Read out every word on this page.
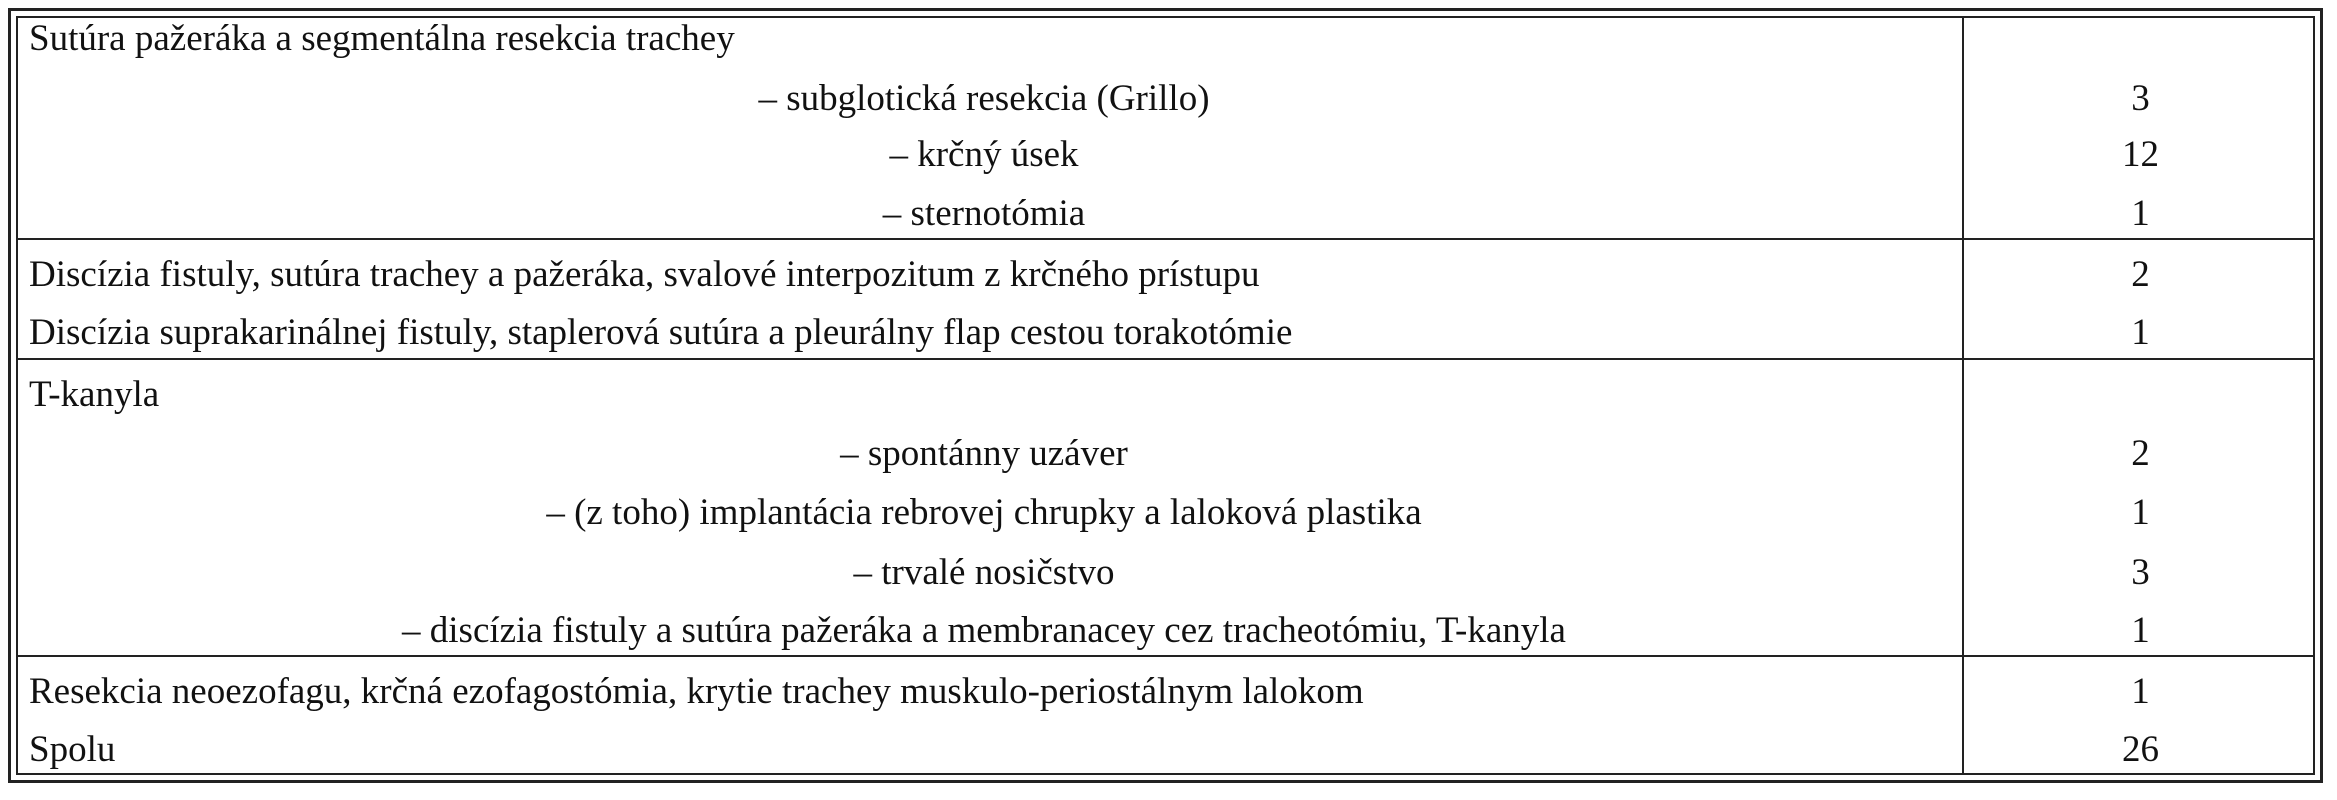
Sutúra pažeráka a segmentálna resekcia trachey
– subglotická resekcia (Grillo)	3
– krčný úsek	12
– sternotómia	1
Discízia fistuly, sutúra trachey a pažeráka, svalové interpozitum z krčného prístupu	2
Discízia suprakarinálnej fistuly, staplerová sutúra a pleurálny flap cestou torakotómie	1
T-kanyla
– spontánny uzáver	2
– (z toho) implantácia rebrovej chrupky a laloková plastika	1
– trvalé nosičstvo	3
– discízia fistuly a sutúra pažeráka a membranacey cez tracheotómiu, T-kanyla	1
Resekcia neoezofagu, krčná ezofagostómia, krytie trachey muskulo-periostálnym lalokom	1
Spolu	26
